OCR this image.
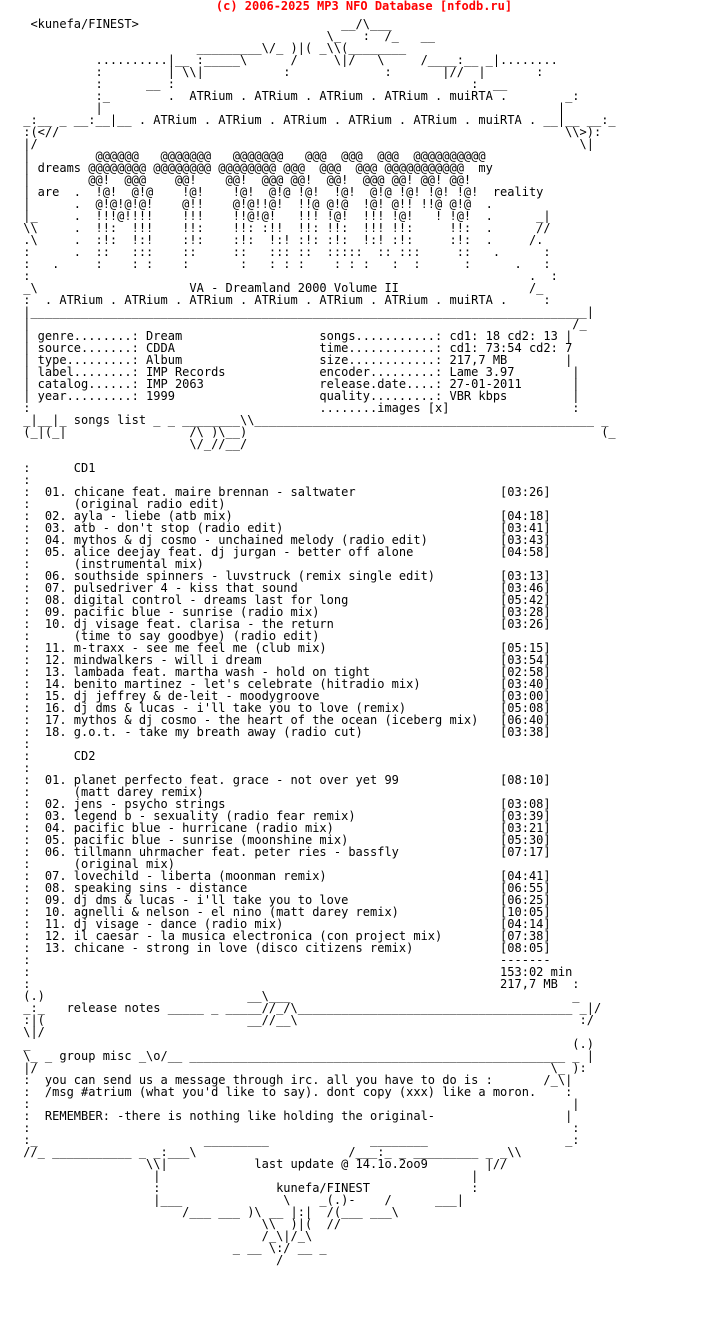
(c) 2006-2025 MP3 NFO Database [nfodb.ru]
<kunefa/FINEST>                            __/\___
\_   :  /_   __
_________\/_ )|( _\\(________
..........|__ :_____\      /     \|/   \     /____:__ _|........
:         | \\|           :             :       |//  |       :
:      __ :                                         :  __
:_        .  ATRium . ATRium . ATRium . ATRium . muiRTA .        _:
|                                                               |
_:__ _ __:__|__ . ATRium . ATRium . ATRium . ATRium . ATRium . muiRTA . __|__ __:_
:(<//                                                                      \\>):
|/                                                                           \|
|         @@@@@@   @@@@@@@   @@@@@@@   @@@  @@@  @@@  @@@@@@@@@@
| dreams @@@@@@@@ @@@@@@@@ @@@@@@@@ @@@  @@@  @@@ @@@@@@@@@@@  my
|        @@!  @@@    @@!    @@!  @@@ @@!  @@!  @@@ @@! @@! @@!
| are  .  !@!  @!@    !@!    !@!  @!@ !@!  !@!  @!@ !@! !@! !@!  reality
|      .  @!@!@!@!    @!!    @!@!!@!  !!@ @!@  !@! @!! !!@ @!@  .
|_     .  !!!@!!!!    !!!    !!@!@!   !!! !@!  !!! !@!   ! !@!  .      _|
\\     .  !!:  !!!    !!:    !!: :!!  !!: !!:  !!! !!:     !!:  .      //
.\     .  :!:  !:!    :!:    :!:  !:! :!: :!:  !:! :!:     :!:  .     /.
:      .  ::   :::    ::     ::   ::: ::  :::::  :: :::     ::   .      :
:   .     :    : :    :       :   : : :    : : :   :  :      :      .   :
:                                                                     .  :
_\                     VA - Dreamland 2000 Volume II                  /_
:  . ATRium . ATRium . ATRium . ATRium . ATRium . ATRium . muiRTA .     :
|_____________________________________________________________________________|
|                                                                           /_
| genre........: Dream                   songs...........: cd1: 18 cd2: 13 |
| source.......: CDDA                    time............: cd1: 73:54 cd2: 7
| type.........: Album                   size............: 217,7 MB        |
| label........: IMP Records             encoder.........: Lame 3.97        |
| catalog......: IMP 2063                release.date....: 27-01-2011       |
| year.........: 1999                    quality.........: VBR kbps         |
:                                        ........images [x]                 :
_|__|_ songs list _ _ ________\\_______________________________________________ _
(_|(_|                 /\ )\__)                                                 (_
\/_//__/

:      CD1
:
:  01. chicane feat. maire brennan - saltwater                    [03:26]
:      (original radio edit)
:  02. ayla - liebe (atb mix)                                     [04:18]
:  03. atb - don't stop (radio edit)                              [03:41]
:  04. mythos & dj cosmo - unchained melody (radio edit)          [03:43]
:  05. alice deejay feat. dj jurgan - better off alone            [04:58]
:      (instrumental mix)
:  06. southside spinners - luvstruck (remix single edit)         [03:13]
:  07. pulsedriver 4 - kiss that sound                            [03:46]
:  08. digital control - dreams last for long                     [05:42]
:  09. pacific blue - sunrise (radio mix)                         [03:28]
:  10. dj visage feat. clarisa - the return                       [03:26]
:      (time to say goodbye) (radio edit)
:  11. m-traxx - see me feel me (club mix)                        [05:15]
:  12. mindwalkers - will i dream                                 [03:54]
:  13. lambada feat. martha wash - hold on tight                  [02:58]
:  14. benito martinez - let's celebrate (hitradio mix)           [03:40]
:  15. dj jeffrey & de-leit - moodygroove                         [03:00]
:  16. dj dms & lucas - i'll take you to love (remix)             [05:08]
:  17. mythos & dj cosmo - the heart of the ocean (iceberg mix)   [06:40]
:  18. g.o.t. - take my breath away (radio cut)                   [03:38]
:
:      CD2
:
:  01. planet perfecto feat. grace - not over yet 99              [08:10]
:      (matt darey remix)
:  02. jens - psycho strings                                      [03:08]
:  03. legend b - sexuality (radio fear remix)                    [03:39]
:  04. pacific blue - hurricane (radio mix)                       [03:21]
:  05. pacific blue - sunrise (moonshine mix)                     [05:30]
:  06. tillmann uhrmacher feat. peter ries - bassfly              [07:17]
:      (original mix)
:  07. lovechild - liberta (moonman remix)                        [04:41]
:  08. speaking sins - distance                                   [06:55]
:  09. dj dms & lucas - i'll take you to love                     [06:25]
:  10. agnelli & nelson - el nino (matt darey remix)              [10:05]
:  11. dj visage - dance (radio mix)                              [04:14]
:  12. il caesar - la musica electronica (con project mix)        [07:38]
:  13. chicane - strong in love (disco citizens remix)            [08:05]
:                                                                 -------
:                                                                 153:02 min
:                                                                 217,7 MB  :
(.)                            __\___                                       _
_:_   release notes _____ _ _____//_/\______________________________________ _|/
:|(                            __//__\                                       :/
\|/
_                                                                           (.)
\_ _ group misc _\o/__ ____________________________________________________ _ |
|/                                                                       \_ ):
:  you can send us a message through irc. all you have to do is :       /_\|
:  /msg #atrium (what you'd like to say). dont copy (xxx) like a moron.    :
:                                                                           |
:  REMEMBER: -there is nothing like holding the original-                  |
:                                                                           :
:_                       _________              ________                   _:
//_ ___________ _ _:___\                     /___:_ _ _________ _ _\\
\\|            last update @ 14.1o.2oo9        |//
|                                           |
:                kunefa/FINEST              :
|___              \    _(.)-    /      ___|
/___ ___ )\ __ |:|  /(___ ___\
\\  )|(  //
/_\|/_\
_ __ \:/ __ _
/
